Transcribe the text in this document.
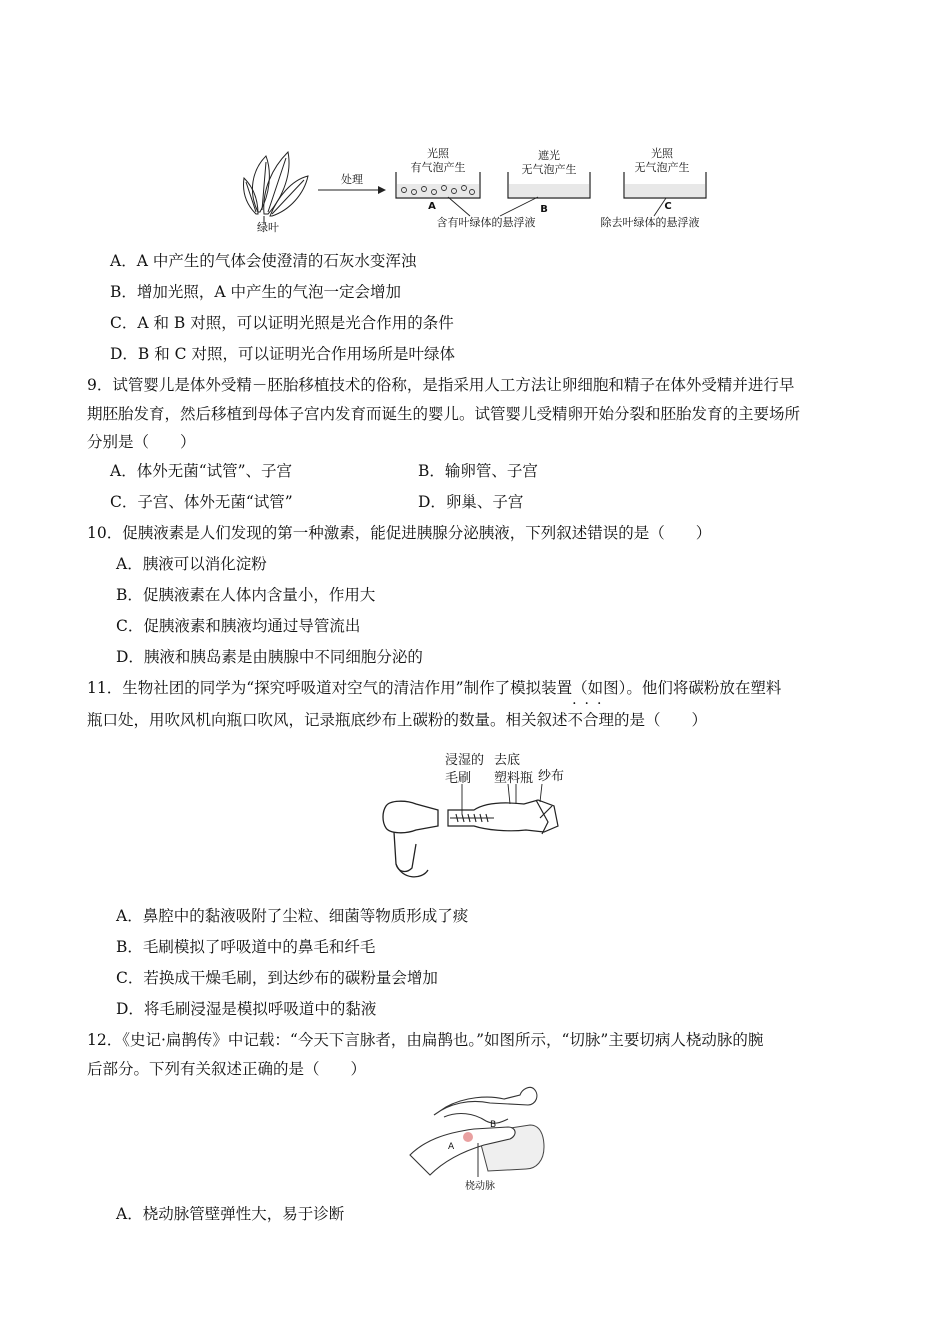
绿叶
处理
光照
有气泡产生
A
遮光
无气泡产生
B
光照
无气泡产生
C
含有叶绿体的悬浮液	除去叶绿体的悬浮液
A．A 中产生的气体会使澄清的石灰水变浑浊
B．增加光照，A 中产生的气泡一定会增加
C．A 和 B 对照，可以证明光照是光合作用的条件
D．B 和 C 对照，可以证明光合作用场所是叶绿体
9．试管婴儿是体外受精－胚胎移植技术的俗称，是指采用人工方法让卵细胞和精子在体外受精并进行早
期胚胎发育，然后移植到母体子宫内发育而诞生的婴儿。试管婴儿受精卵开始分裂和胚胎发育的主要场所
分别是（　　）
A．体外无菌“试管”、子宫	B．输卵管、子宫
C．子宫、体外无菌“试管”	D．卵巢、子宫
10．促胰液素是人们发现的第一种激素，能促进胰腺分泌胰液，下列叙述错误的是（　　）
A．胰液可以消化淀粉
B．促胰液素在人体内含量小，作用大
C．促胰液素和胰液均通过导管流出
D．胰液和胰岛素是由胰腺中不同细胞分泌的
11．生物社团的同学为“探究呼吸道对空气的清洁作用”制作了模拟装置（如图）。他们将碳粉放在塑料
瓶口处，用吹风机向瓶口吹风，记录瓶底纱布上碳粉的数量。相关叙述
···
不合理的是（　　）
浸湿的
毛刷
去底
塑料瓶 纱布
A．鼻腔中的黏液吸附了尘粒、细菌等物质形成了痰
B．毛刷模拟了呼吸道中的鼻毛和纤毛
C．若换成干燥毛刷，到达纱布的碳粉量会增加
D．将毛刷浸湿是模拟呼吸道中的黏液
12．《史记·扁鹊传》中记载：“今天下言脉者，由扁鹊也。”如图所示，“切脉”主要切病人桡动脉的腕
后部分。下列有关叙述正确的是（　　）
A
B
桡动脉
A．桡动脉管壁弹性大，易于诊断
